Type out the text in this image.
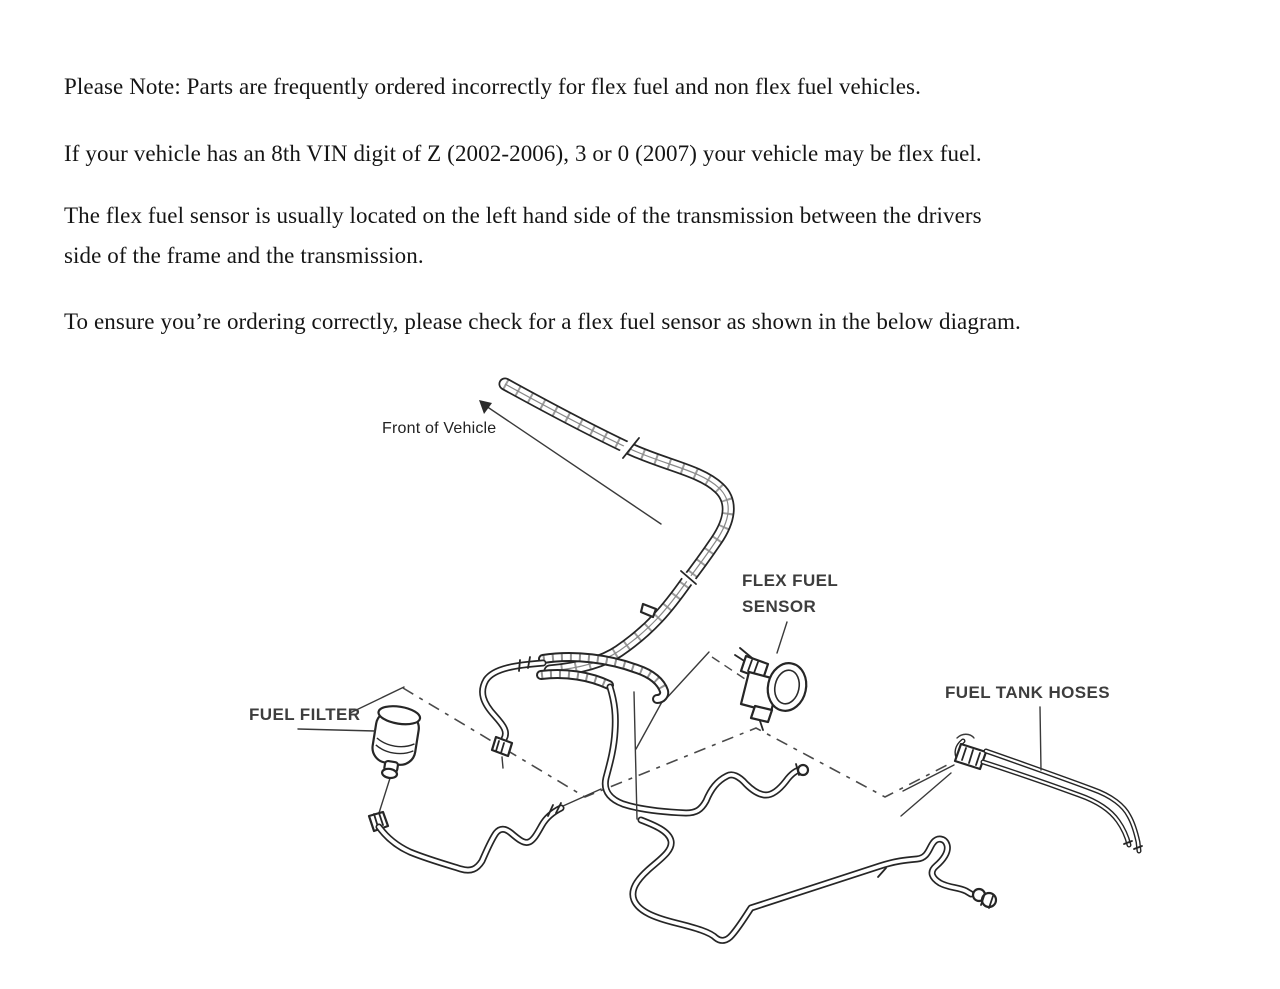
Please Note: Parts are frequently ordered incorrectly for flex fuel and non flex fuel vehicles.
If your vehicle has an 8th VIN digit of Z (2002-2006), 3 or 0 (2007) your vehicle may be flex fuel.
The flex fuel sensor is usually located on the left hand side of the transmission between the drivers
side of the frame and the transmission.
To ensure you’re ordering correctly, please check for a flex fuel sensor as shown in the below diagram.
Front of Vehicle
FLEX FUEL
SENSOR
FUEL FILTER
FUEL TANK HOSES
